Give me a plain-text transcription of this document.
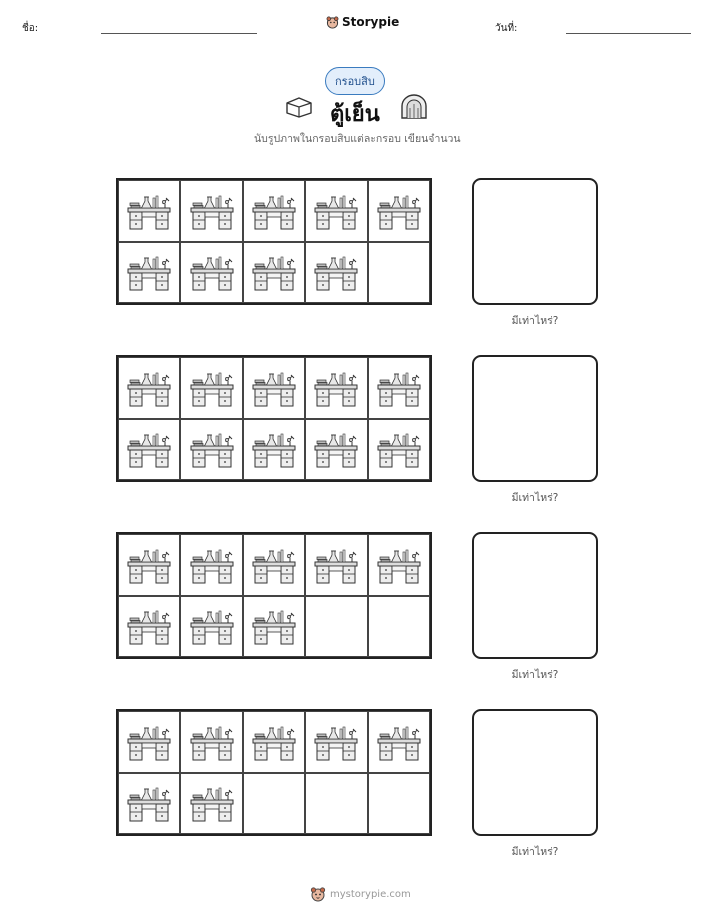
ชื่อ:	Storypie	วันที่:
กรอบสิบ
ตู้เย็น
นับรูปภาพในกรอบสิบแต่ละกรอบ เขียนจำนวน
มีเท่าไหร่?
มีเท่าไหร่?
มีเท่าไหร่?
มีเท่าไหร่?
mystorypie.com
